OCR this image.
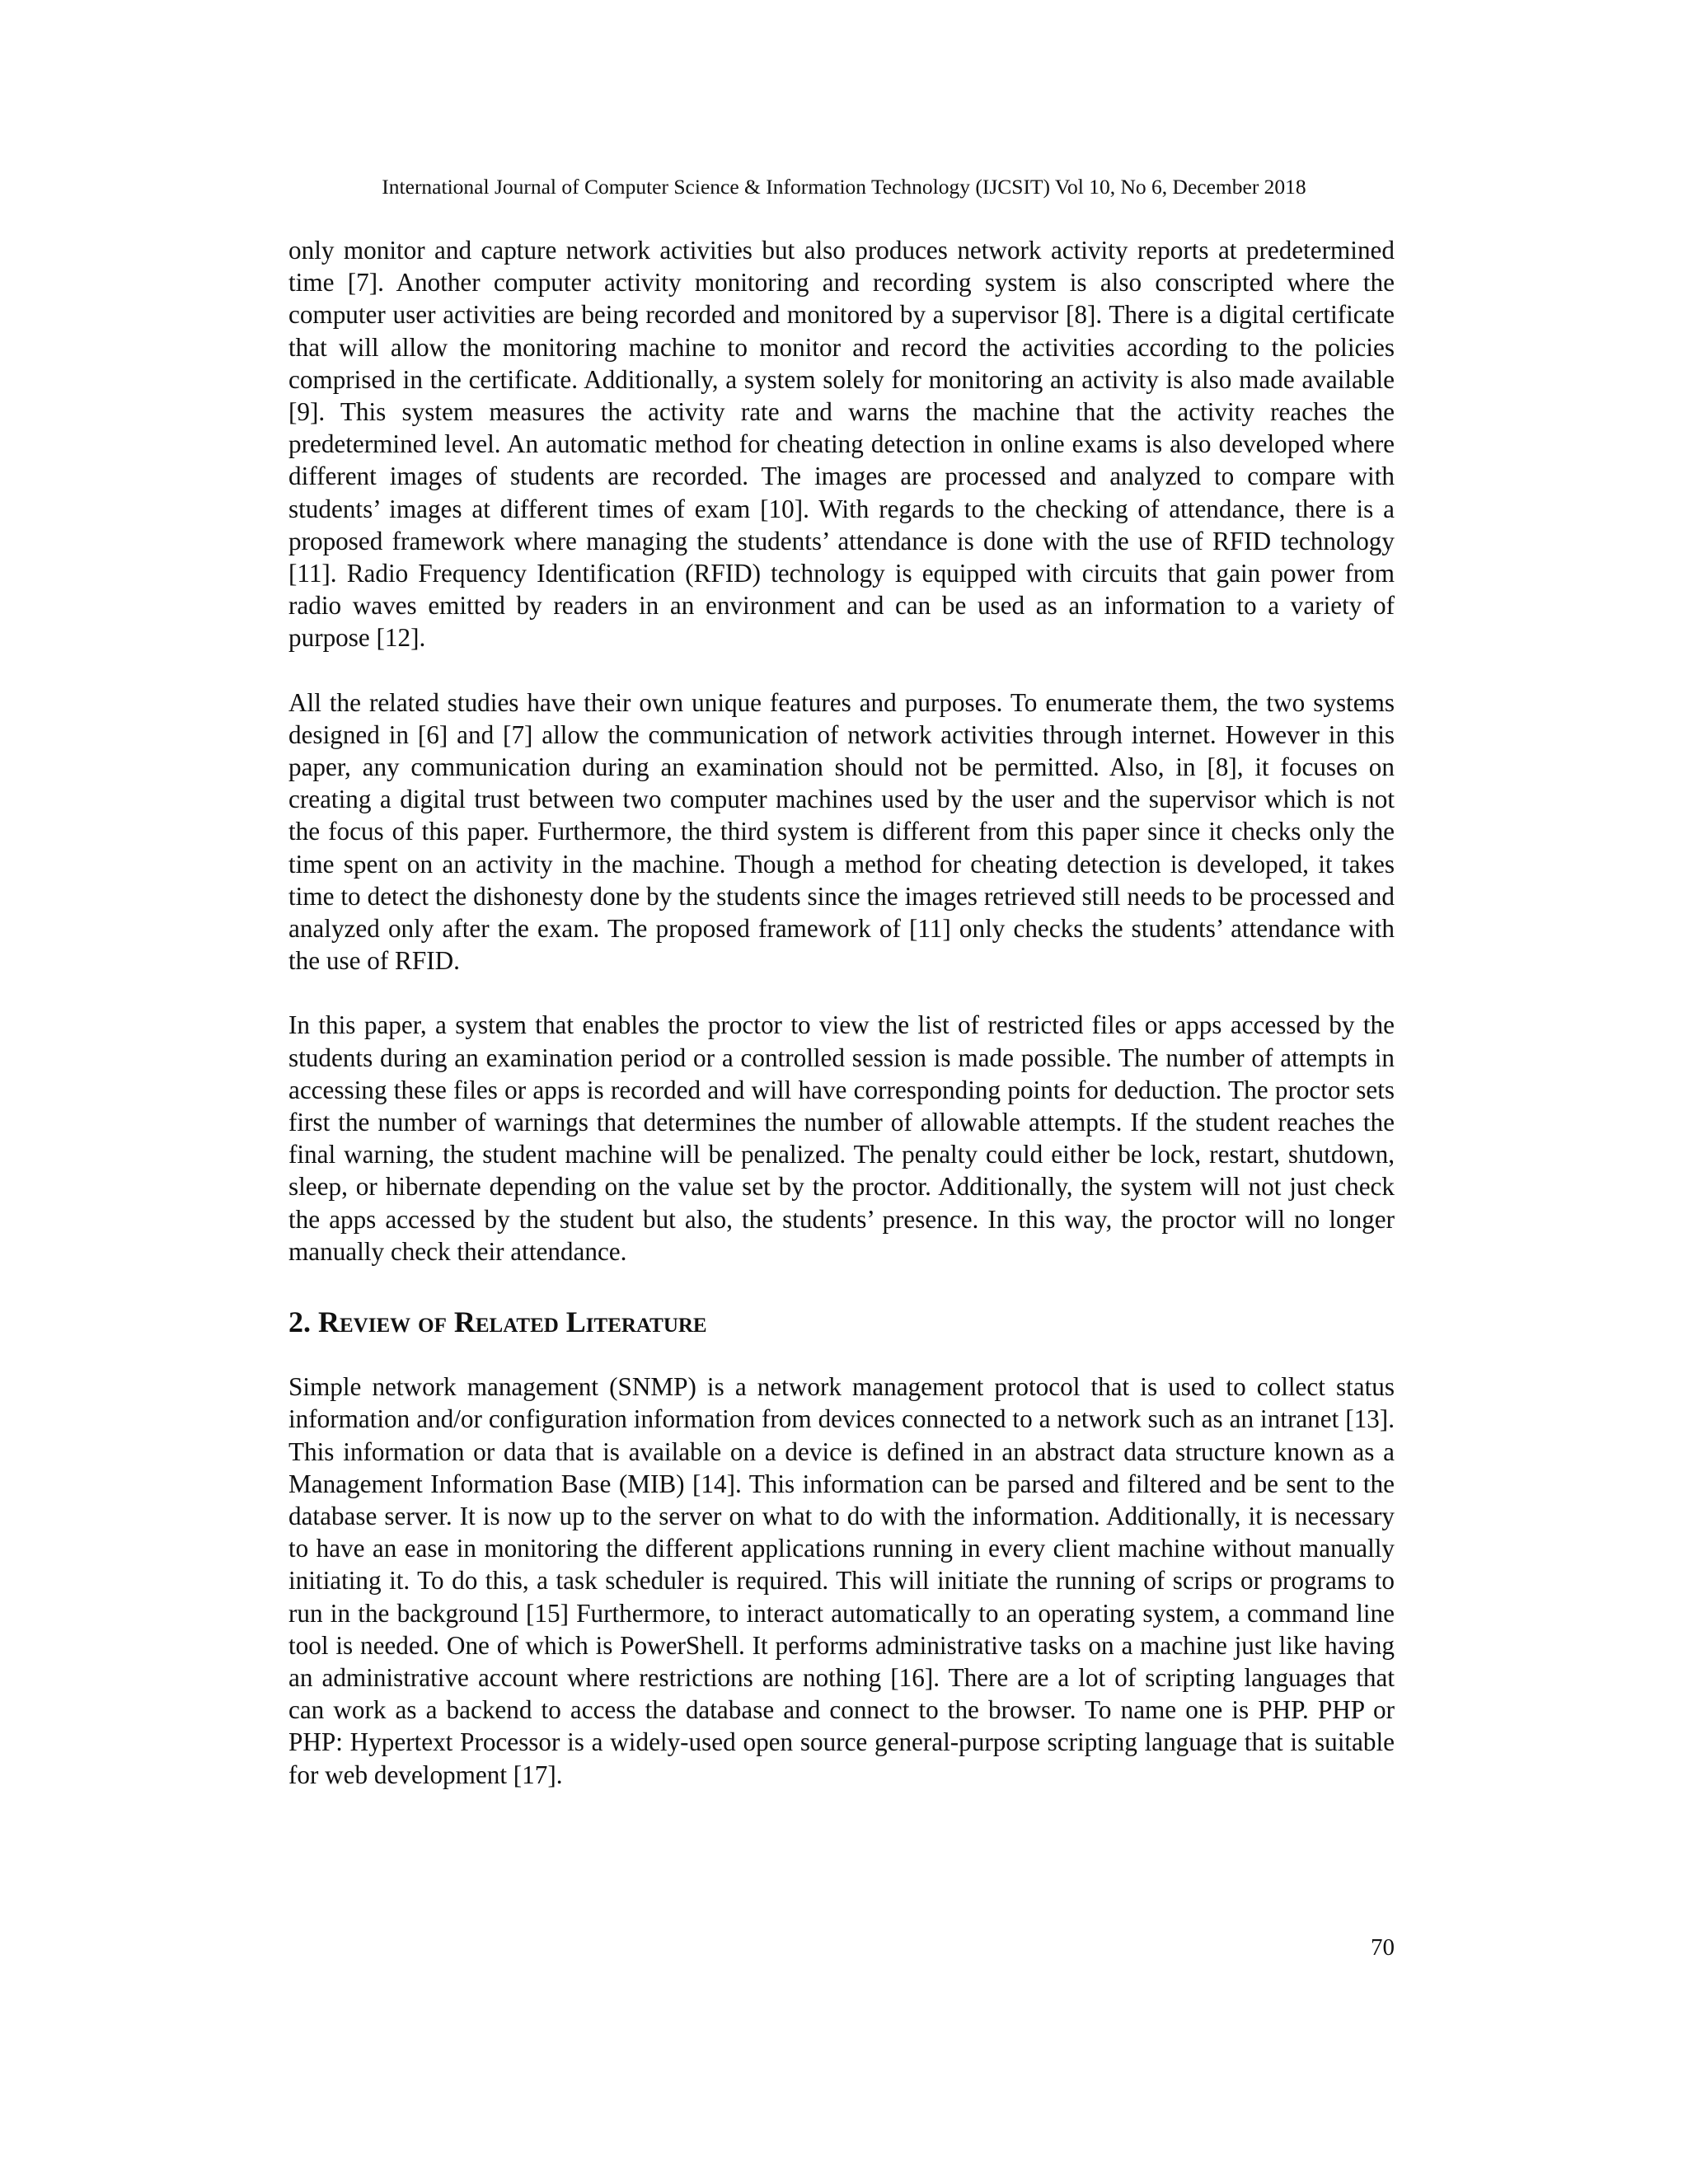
International Journal of Computer Science & Information Technology (IJCSIT) Vol 10, No 6, December 2018

only monitor and capture network activities but also produces network activity reports at predetermined time [7]. Another computer activity monitoring and recording system is also conscripted where the computer user activities are being recorded and monitored by a supervisor [8]. There is a digital certificate that will allow the monitoring machine to monitor and record the activities according to the policies comprised in the certificate. Additionally, a system solely for monitoring an activity is also made available [9]. This system measures the activity rate and warns the machine that the activity reaches the predetermined level. An automatic method for cheating detection in online exams is also developed where different images of students are recorded. The images are processed and analyzed to compare with students’ images at different times of exam [10]. With regards to the checking of attendance, there is a proposed framework where managing the students’ attendance is done with the use of RFID technology [11]. Radio Frequency Identification (RFID) technology is equipped with circuits that gain power from radio waves emitted by readers in an environment and can be used as an information to a variety of purpose [12].

All the related studies have their own unique features and purposes. To enumerate them, the two systems designed in [6] and [7] allow the communication of network activities through internet. However in this paper, any communication during an examination should not be permitted. Also, in [8], it focuses on creating a digital trust between two computer machines used by the user and the supervisor which is not the focus of this paper. Furthermore, the third system is different from this paper since it checks only the time spent on an activity in the machine. Though a method for cheating detection is developed, it takes time to detect the dishonesty done by the students since the images retrieved still needs to be processed and analyzed only after the exam. The proposed framework of [11] only checks the students’ attendance with the use of RFID.

In this paper, a system that enables the proctor to view the list of restricted files or apps accessed by the students during an examination period or a controlled session is made possible. The number of attempts in accessing these files or apps is recorded and will have corresponding points for deduction. The proctor sets first the number of warnings that determines the number of allowable attempts. If the student reaches the final warning, the student machine will be penalized. The penalty could either be lock, restart, shutdown, sleep, or hibernate depending on the value set by the proctor. Additionally, the system will not just check the apps accessed by the student but also, the students’ presence. In this way, the proctor will no longer manually check their attendance.

2. Review of Related Literature

Simple network management (SNMP) is a network management protocol that is used to collect status information and/or configuration information from devices connected to a network such as an intranet [13]. This information or data that is available on a device is defined in an abstract data structure known as a Management Information Base (MIB) [14]. This information can be parsed and filtered and be sent to the database server. It is now up to the server on what to do with the information. Additionally, it is necessary to have an ease in monitoring the different applications running in every client machine without manually initiating it. To do this, a task scheduler is required. This will initiate the running of scrips or programs to run in the background [15] Furthermore, to interact automatically to an operating system, a command line tool is needed. One of which is PowerShell. It performs administrative tasks on a machine just like having an administrative account where restrictions are nothing [16]. There are a lot of scripting languages that can work as a backend to access the database and connect to the browser. To name one is PHP. PHP or PHP: Hypertext Processor is a widely-used open source general-purpose scripting language that is suitable for web development [17].

70
